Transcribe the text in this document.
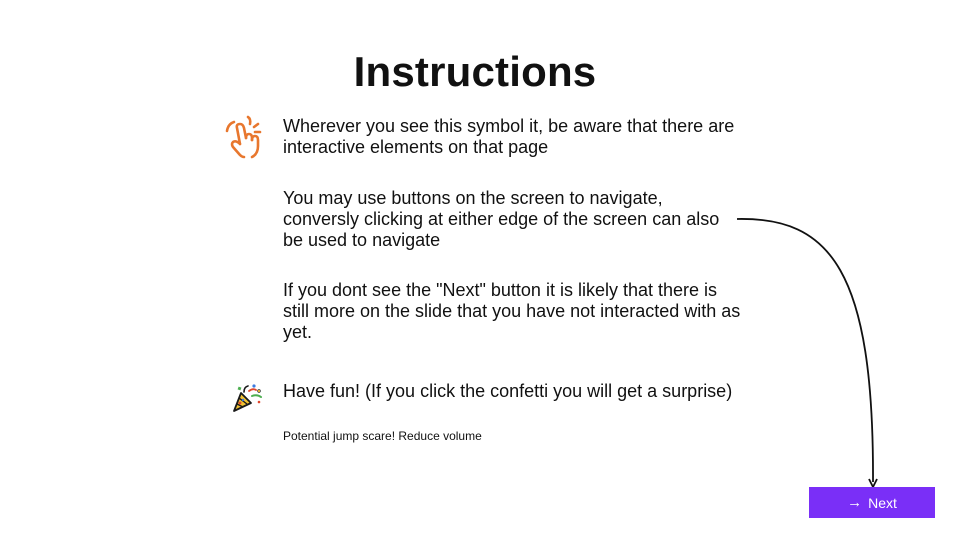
Instructions
Wherever you see this symbol it, be aware that there are interactive elements on that page
You may use buttons on the screen to navigate, conversly clicking at either edge of the screen can also be used to navigate
If you dont see the "Next" button it is likely that there is still more on the slide that you have not interacted with as yet.
Have fun! (If you click the confetti you will get a surprise)
Potential jump scare! Reduce volume
→ Next
